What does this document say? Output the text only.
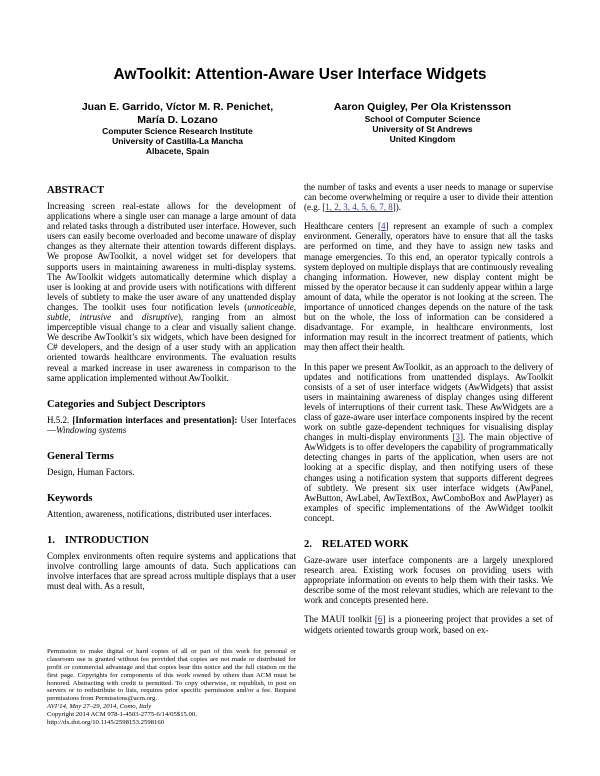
AwToolkit: Attention-Aware User Interface Widgets
Juan E. Garrido, Víctor M. R. Penichet,
María D. Lozano
Computer Science Research Institute
University of Castilla-La Mancha
Albacete, Spain
Aaron Quigley, Per Ola Kristensson
School of Computer Science
University of St Andrews
United Kingdom
ABSTRACT

Increasing screen real-estate allows for the development of applications where a single user can manage a large amount of data and related tasks through a distributed user interface. However, such users can easily become overloaded and become unaware of display changes as they alternate their attention towards different displays. We propose AwToolkit, a novel widget set for developers that supports users in maintaining awareness in multi-display systems. The AwToolkit widgets automatically determine which display a user is looking at and provide users with notifications with different levels of subtlety to make the user aware of any unattended display changes. The toolkit uses four notification levels (unnoticeable, subtle, intrusive and disruptive), ranging from an almost imperceptible visual change to a clear and visually salient change. We describe AwToolkit’s six widgets, which have been designed for C# developers, and the design of a user study with an application oriented towards healthcare environments. The evaluation results reveal a marked increase in user awareness in comparison to the same application implemented without AwToolkit.

Categories and Subject Descriptors

H.5.2. [Information interfaces and presentation]: User Interfaces—Windowing systems

General Terms

Design, Human Factors.

Keywords

Attention, awareness, notifications, distributed user interfaces.

1. INTRODUCTION

Complex environments often require systems and applications that involve controlling large amounts of data. Such applications can involve interfaces that are spread across multiple displays that a user must deal with. As a result,

Permission to make digital or hard copies of all or part of this work for personal or classroom use is granted without fee provided that copies are not made or distributed for profit or commercial advantage and that copies bear this notice and the full citation on the first page. Copyrights for components of this work owned by others than ACM must be honored. Abstracting with credit is permitted. To copy otherwise, or republish, to post on servers or to redistribute to lists, requires prior specific permission and/or a fee. Request permissions from Permissions@acm.org.

AVI’14, May 27–29, 2014, Como, Italy

Copyright 2014 ACM 978-1-4503-2775-6/14/05$15.00.

http://dx.doi.org/10.1145/2598153.2598160

the number of tasks and events a user needs to manage or supervise can become overwhelming or require a user to divide their attention (e.g. [1, 2, 3, 4, 5, 6, 7, 8]).

Healthcare centers [4] represent an example of such a complex environment. Generally, operators have to ensure that all the tasks are performed on time, and they have to assign new tasks and manage emergencies. To this end, an operator typically controls a system deployed on multiple displays that are continuously revealing changing information. However, new display content might be missed by the operator because it can suddenly appear within a large amount of data, while the operator is not looking at the screen. The importance of unnoticed changes depends on the nature of the task but on the whole, the loss of information can be considered a disadvantage. For example, in healthcare environments, lost information may result in the incorrect treatment of patients, which may then affect their health.

In this paper we present AwToolkit, as an approach to the delivery of updates and notifications from unattended displays. AwToolkit consists of a set of user interface widgets (AwWidgets) that assist users in maintaining awareness of display changes using different levels of interruptions of their current task. These AwWidgets are a class of gaze-aware user interface components inspired by the recent work on subtle gaze-dependent techniques for visualising display changes in multi-display environments [3]. The main objective of AwWidgets is to offer developers the capability of programmatically detecting changes in parts of the application, when users are not looking at a specific display, and then notifying users of these changes using a notification system that supports different degrees of subtlety. We present six user interface widgets (AwPanel, AwButton, AwLabel, AwTextBox, AwComboBox and AwPlayer) as examples of specific implementations of the AwWidget toolkit concept.

2. RELATED WORK

Gaze-aware user interface components are a largely unexplored research area. Existing work focuses on providing users with appropriate information on events to help them with their tasks. We describe some of the most relevant studies, which are relevant to the work and concepts presented here.

The MAUI toolkit [6] is a pioneering project that provides a set of widgets oriented towards group work, based on ex-
